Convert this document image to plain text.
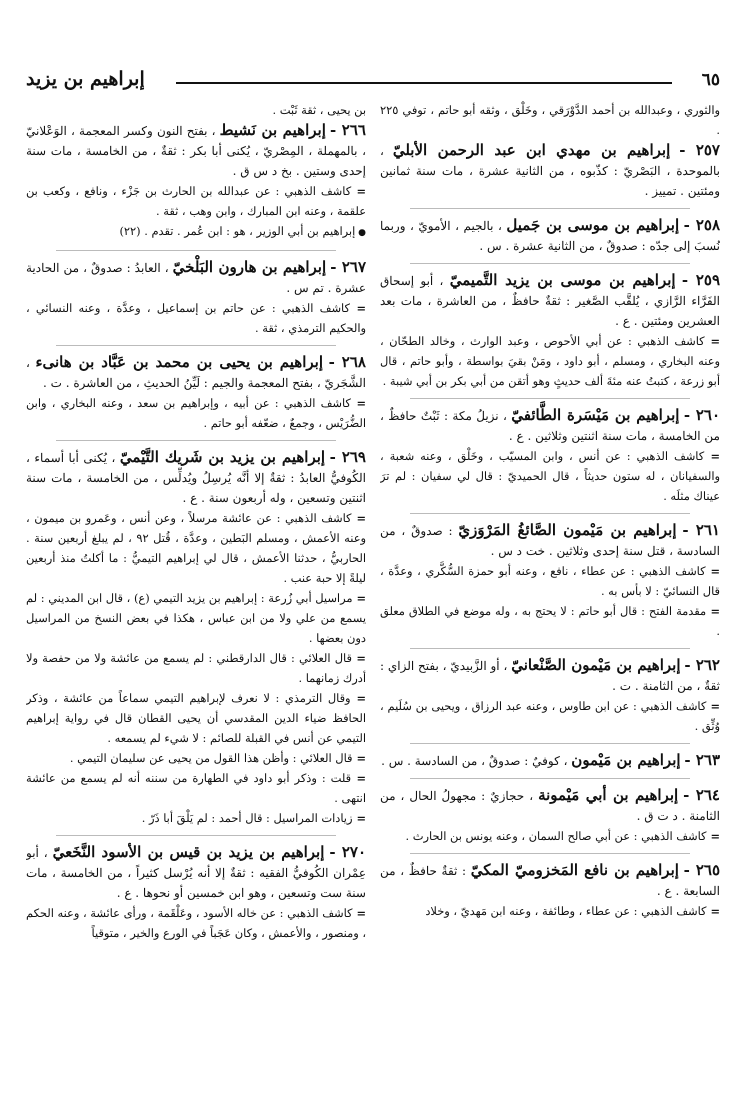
٦٥
إبراهيم بن يزيد

والثوري ، وعبدالله بن أحمد الدَّوْرَقي ، وخَلْق ، وثقه أبو حاتم ، توفي ٢٢٥ .

٢٥٧ - إبراهيم بن مهدي ابن عبد الرحمن الأبليّ ، بالموحدة ، البَصْريّ : كذّبوه ، من الثانية عشرة ، مات سنة ثمانين ومئتين . تمييز .

٢٥٨ - إبراهيم بن موسى بن جَميل ، بالجيم ، الأمويّ ، وربما نُسبَ إلى جدّه : صدوقٌ ، من الثانية عشرة . س .

٢٥٩ - إبراهيم بن موسى بن يزيد التَّميميّ ، أبو إسحاق الفَرَّاء الرَّازي ، يُلقَّب الصَّغير : ثقةٌ حافظٌ ، من العاشرة ، مات بعد العشرين ومئتين . ع .

= كاشف الذهبي : عن أبي الأحوص ، وعبد الوارث ، وخالد الطحّان ، وعنه البخاري ، ومسلم ، أبو داود ، ومَنْ بقيَ بواسطة ، وأبو حاتم ، قال أبو زرعة ، كتبتُ عنه مئةَ ألف حديثٍ وهو أتقن من أبي بكر بن أبي شيبة .

٢٦٠ - إبراهيم بن مَيْسَرة الطَّائفيّ ، نزيلُ مكة : ثَبْتٌ حافظٌ ، من الخامسة ، مات سنة اثنتين وثلاثين . ع .

= كاشف الذهبي : عن أنس ، وابن المسيّب ، وخَلْق ، وعنه شعبة ، والسفيانان ، له ستون حديثاً ، قال الحميديّ : قال لي سفيان : لم ترَ عيناك مثلَه .

٢٦١ - إبراهيم بن مَيْمون الصَّائغُ المَرْوَزيّ : صدوقٌ ، من السادسة ، قتل سنة إحدى وثلاثين . خت د س .

= كاشف الذهبي : عن عطاء ، نافع ، وعنه أبو حمزة السُّكَّري ، وعدَّة ، قال النسائيّ : لا بأس به .

= مقدمة الفتح : قال أبو حاتم : لا يحتج به ، وله موضع في الطلاق معلق .

٢٦٢ - إبراهيم بن مَيْمون الصَّنْعانيّ ، أو الزَّبيديّ ، بفتح الزاي : ثقةٌ ، من الثامنة . ت .

= كاشف الذهبي : عن ابن طاوس ، وعنه عبد الرزاق ، ويحيى بن سُلَيم ، وُثِّق .

٢٦٣ - إبراهيم بن مَيْمون ، كوفيٌ : صدوقٌ ، من السادسة . س .

٢٦٤ - إبراهيم بن أبي مَيْمونة ، حجازيٌ : مجهولُ الحال ، من الثامنة . د ت ق .

= كاشف الذهبي : عن أبي صالح السمان ، وعنه يونس بن الحارث .

٢٦٥ - إبراهيم بن نافع المَخزوميّ المكيّ : ثقةٌ حافظٌ ، من السابعة . ع .

= كاشف الذهبي : عن عطاء ، وطائفة ، وعنه ابن مَهديّ ، وخلاد

بن يحيى ، ثقة ثَبْت .

٢٦٦ - إبراهيم بن نَشيط ، بفتح النون وكسر المعجمة ، الوَعْلانيّ ، بالمهملة ، المِصْريّ ، يُكنى أبا بكر : ثقةٌ ، من الخامسة ، مات سنة إحدى وستين . بخ د س ق .

= كاشف الذهبي : عن عبدالله بن الحارث بن جَزْء ، ونافع ، وكعب بن علقمة ، وعنه ابن المبارك ، وابن وهب ، ثقة .

● إبراهيم بن أبي الوزير ، هو : ابن عُمر . تقدم . (٢٢)

٢٦٧ - إبراهيم بن هارون البَلْخيّ ، العابدُ : صدوقٌ ، من الحادية عشرة . تم س .

= كاشف الذهبي : عن حاتم بن إسماعيل ، وعدَّة ، وعنه النسائي ، والحكيم الترمذي ، ثقة .

٢٦٨ - إبراهيم بن يحيى بن محمد بن عَبَّاد بن هانىء ، الشَّجَريّ ، بفتح المعجمة والجيم : لَيِّنُ الحديثِ ، من العاشرة . ت .

= كاشف الذهبي : عن أبيه ، وإبراهيم بن سعد ، وعنه البخاري ، وابن الضُّرَيْس ، وجمعٌ ، ضعّفه أبو حاتم .

٢٦٩ - إبراهيم بن يزيد بن شَريك التَّيْميّ ، يُكنى أبا أسماء ، الكُوفيُّ العابدُ : ثقةٌ إلا أنَّه يُرسِلُ ويُدلِّس ، من الخامسة ، مات سنة اثنتين وتسعين ، وله أربعون سنة . ع .

= كاشف الذهبي : عن عائشة مرسلاً ، وعن أنس ، وعَمرو بن ميمون ، وعنه الأعمش ، ومسلم البَطين ، وعدَّة ، قُتل ٩٢ ، لم يبلغ أربعين سنة . الحاربيُّ ، حدثنا الأعمش ، قال لي إبراهيم التيميُّ : ما أكلتُ منذ أربعين ليلةً إلا حبة عنب .

= مراسيل أبي زُرعة : إبراهيم بن يزيد التيمي (ع) ، قال ابن المديني : لم يسمع من علي ولا من ابن عباس ، هكذا في بعض النسخ من المراسيل دون بعضها .

= قال العلائي : قال الدارقطني : لم يسمع من عائشة ولا من حفصة ولا أدرك زمانهما .

= وقال الترمذي : لا نعرف لإبراهيم التيمي سماعاً من عائشة ، وذكر الحافظ ضياء الدين المقدسي أن يحيى القطان قال في رواية إبراهيم التيمي عن أنس في القبلة للصائم : لا شيء لم يسمعه .

= قال العلائي : وأظن هذا القول من يحيى عن سليمان التيمي .

= قلت : وذكر أبو داود في الطهارة من سننه أنه لم يسمع من عائشة انتهى .

= زيادات المراسيل : قال أحمد : لم يَلْقَ أبا ذَرّ .

٢٧٠ - إبراهيم بن يزيد بن قيس بن الأسود النَّخَعيّ ، أبو عِمْران الكُوفيُّ الفقيه : ثقةٌ إلا أنه يُرْسل كثيراً ، من الخامسة ، مات سنة ست وتسعين ، وهو ابن خمسين أو نحوها . ع .

= كاشف الذهبي : عن خاله الأسود ، وعَلْقَمة ، ورأى عائشة ، وعنه الحكم ، ومنصور ، والأعمش ، وكان عَجَباً في الورع والخير ، متوقياً
